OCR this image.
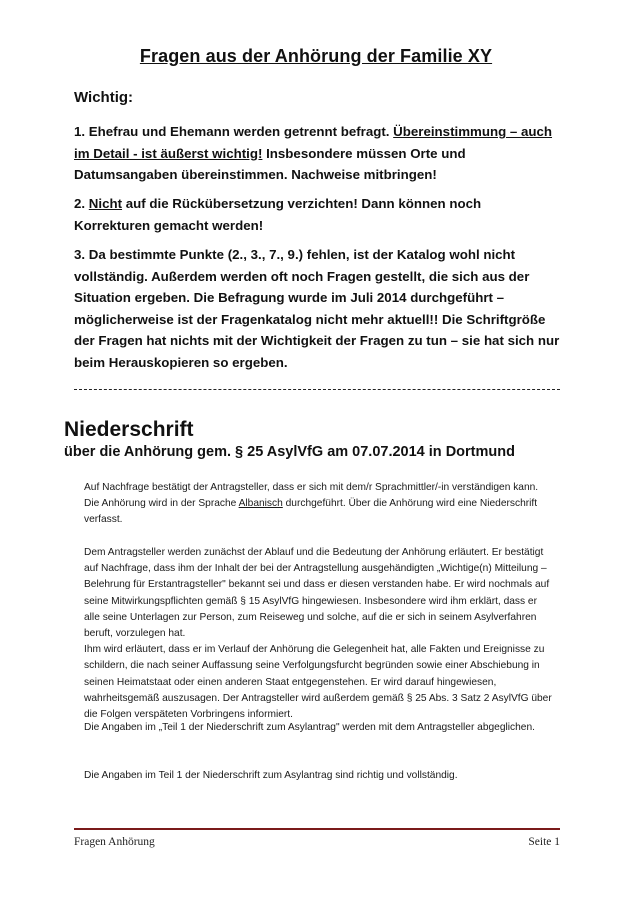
Fragen aus der Anhörung der Familie XY
Wichtig:

1. Ehefrau und Ehemann werden getrennt befragt. Übereinstimmung – auch im Detail - ist äußerst wichtig! Insbesondere müssen Orte und Datumsangaben übereinstimmen. Nachweise mitbringen!

2. Nicht auf die Rückübersetzung verzichten! Dann können noch Korrekturen gemacht werden!

3. Da bestimmte Punkte (2., 3., 7., 9.) fehlen, ist der Katalog wohl nicht vollständig. Außerdem werden oft noch Fragen gestellt, die sich aus der Situation ergeben. Die Befragung wurde im Juli 2014 durchgeführt – möglicherweise ist der Fragenkatalog nicht mehr aktuell!! Die Schriftgröße der Fragen hat nichts mit der Wichtigkeit der Fragen zu tun – sie hat sich nur beim Herauskopieren so ergeben.

Niederschrift

über die Anhörung gem. § 25 AsylVfG am 07.07.2014 in Dortmund

Auf Nachfrage bestätigt der Antragsteller, dass er sich mit dem/r Sprachmittler/-in verständigen kann. Die Anhörung wird in der Sprache Albanisch durchgeführt. Über die Anhörung wird eine Niederschrift verfasst.

Dem Antragsteller werden zunächst der Ablauf und die Bedeutung der Anhörung erläutert. Er bestätigt auf Nachfrage, dass ihm der Inhalt der bei der Antragstellung ausgehändigten „Wichtige(n) Mitteilung – Belehrung für Erstantragsteller" bekannt sei und dass er diesen verstanden habe. Er wird nochmals auf seine Mitwirkungspflichten gemäß § 15 AsylVfG hingewiesen. Insbesondere wird ihm erklärt, dass er alle seine Unterlagen zur Person, zum Reiseweg und solche, auf die er sich in seinem Asylverfahren beruft, vorzulegen hat.
Ihm wird erläutert, dass er im Verlauf der Anhörung die Gelegenheit hat, alle Fakten und Ereignisse zu schildern, die nach seiner Auffassung seine Verfolgungsfurcht begründen sowie einer Abschiebung in seinen Heimatstaat oder einen anderen Staat entgegenstehen. Er wird darauf hingewiesen, wahrheitsgemäß auszusagen. Der Antragsteller wird außerdem gemäß § 25 Abs. 3 Satz 2 AsylVfG über die Folgen verspäteten Vorbringens informiert.

Die Angaben im „Teil 1 der Niederschrift zum Asylantrag" werden mit dem Antragsteller abgeglichen.

Die Angaben im Teil 1 der Niederschrift zum Asylantrag sind richtig und vollständig.

Fragen Anhörung	Seite 1
